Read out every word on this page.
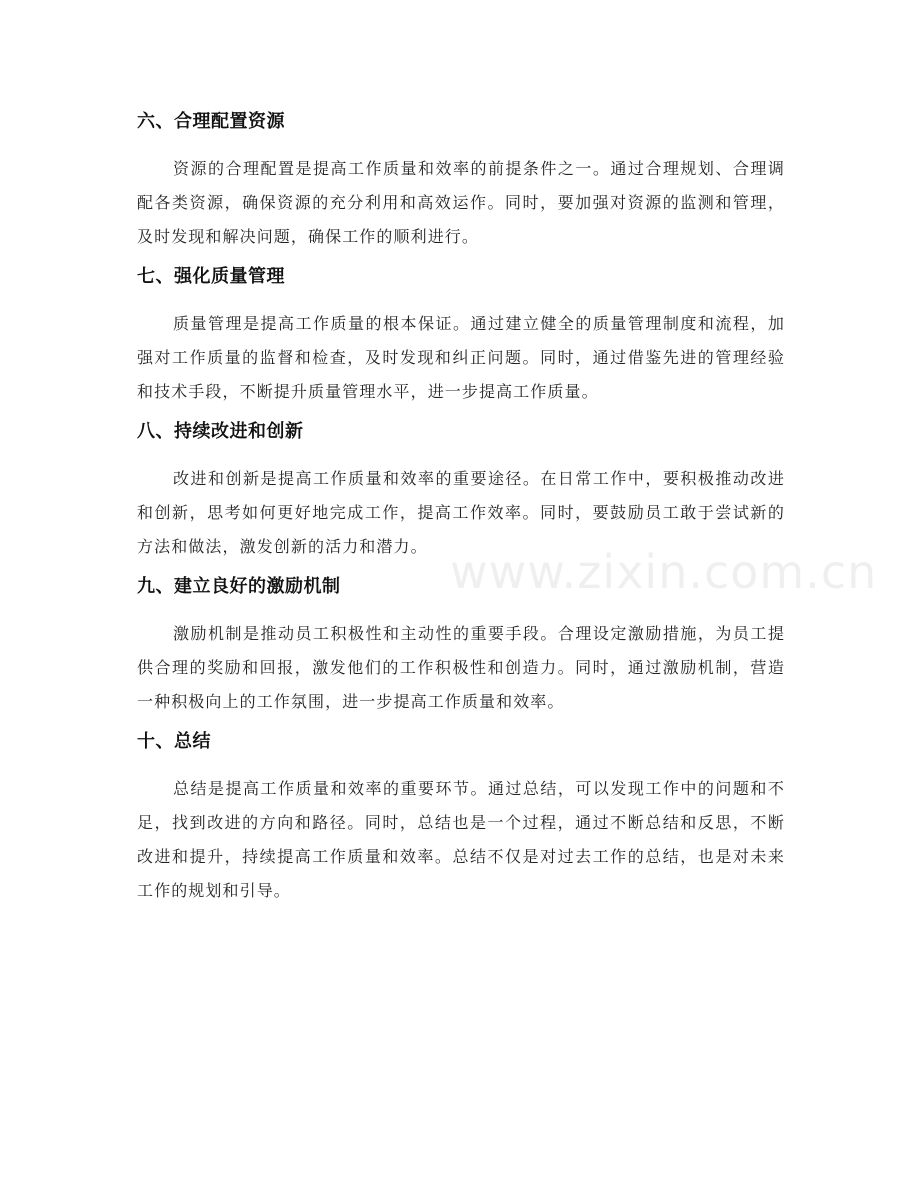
六、合理配置资源

资源的合理配置是提高工作质量和效率的前提条件之一。通过合理规划、合理调配各类资源，确保资源的充分利用和高效运作。同时，要加强对资源的监测和管理，及时发现和解决问题，确保工作的顺利进行。

七、强化质量管理

质量管理是提高工作质量的根本保证。通过建立健全的质量管理制度和流程，加强对工作质量的监督和检查，及时发现和纠正问题。同时，通过借鉴先进的管理经验和技术手段，不断提升质量管理水平，进一步提高工作质量。

八、持续改进和创新

改进和创新是提高工作质量和效率的重要途径。在日常工作中，要积极推动改进和创新，思考如何更好地完成工作，提高工作效率。同时，要鼓励员工敢于尝试新的方法和做法，激发创新的活力和潜力。

九、建立良好的激励机制

激励机制是推动员工积极性和主动性的重要手段。合理设定激励措施，为员工提供合理的奖励和回报，激发他们的工作积极性和创造力。同时，通过激励机制，营造一种积极向上的工作氛围，进一步提高工作质量和效率。

十、总结

总结是提高工作质量和效率的重要环节。通过总结，可以发现工作中的问题和不足，找到改进的方向和路径。同时，总结也是一个过程，通过不断总结和反思，不断改进和提升，持续提高工作质量和效率。总结不仅是对过去工作的总结，也是对未来工作的规划和引导。

www.zixin.com.cn
